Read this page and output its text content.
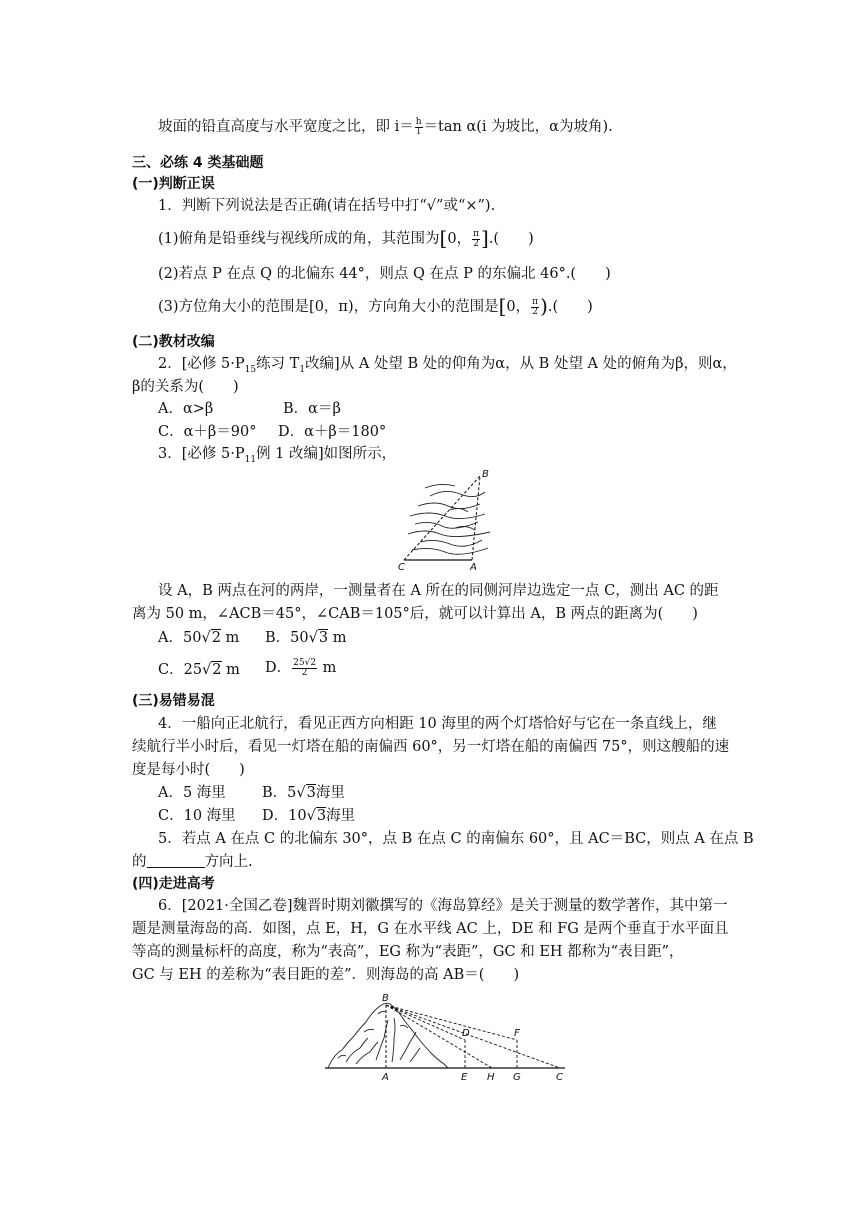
坡面的铅直高度与水平宽度之比，即 $i= \frac{h}{l} =\tan$ α(i 为坡比，α为坡角).
三、必练 4 类基础题
(一)判断正误
1．判断下列说法是否正确(请在括号中打“√”或“×”).
(1)俯角是铅垂线与视线所成的角，其范围为[0， $\frac{\pi}{2}$ ].(　　)
(2)若点 P 在点 Q 的北偏东 44°，则点 Q 在点 P 的东偏北 46°.(　　)
(3)方位角大小的范围是[0，π)，方向角大小的范围是[0， $\frac{\pi}{2}$ ).(　　)
(二)教材改编
2．[必修 $5\cdot P_{15}$练习 $T_1$改编]从 A 处望 B 处的仰角为α，从 B 处望 A 处的俯角为β，则α，
β的关系为(　　)
A．α>β	B．α＝β
C．α＋β＝90° D．α＋β＝180°
3．[必修 $5\cdot P_{11}$例 1 改编]如图所示，
B
C	A
设 A，B 两点在河的两岸，一测量者在 A 所在的同侧河岸边选定一点 C，测出 AC 的距
离为 50 m，∠ACB＝45°，∠CAB＝105°后，就可以计算出 A，B 两点的距离为(　　)
A．50√2 m B．50√3 m
C．25√2 m D． $\frac{25√2}{2}$ m
(三)易错易混
4．一船向正北航行，看见正西方向相距 10 海里的两个灯塔恰好与它在一条直线上，继
续航行半小时后，看见一灯塔在船的南偏西 60°，另一灯塔在船的南偏西 75°，则这艘船的速
度是每小时(　　)
A．5 海里 B．5√3海里
C．10 海里 D．10√3海里
5．若点 A 在点 C 的北偏东 30°，点 B 在点 C 的南偏东 60°，且 AC＝BC，则点 A 在点 B
的	方向上.
(四)走进高考
6．[2021·全国乙卷]魏晋时期刘徽撰写的《海岛算经》是关于测量的数学著作，其中第一
题是测量海岛的高．如图，点 E，H，G 在水平线 AC 上，DE 和 FG 是两个垂直于水平面且
等高的测量标杆的高度，称为“表高”，EG 称为“表距”，GC 和 EH 都称为“表目距”，
GC 与 EH 的差称为“表目距的差”．则海岛的高 AB＝(　　)
B
D	F
A	E H G	C
